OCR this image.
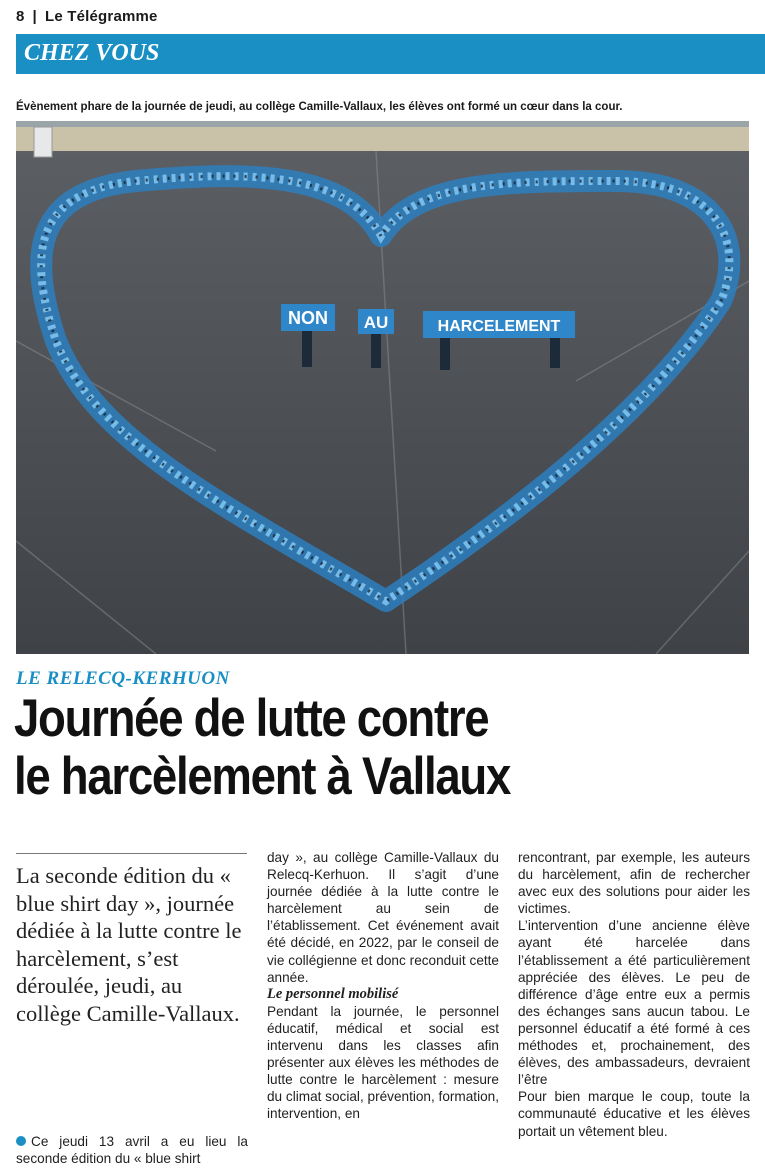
8 | Le Télégramme
CHEZ VOUS
Évènement phare de la journée de jeudi, au collège Camille-Vallaux, les élèves ont formé un cœur dans la cour.
NON AU	HARCELEMENT
LE RELECQ-KERHUON
Journée de lutte contre
le harcèlement à Vallaux
La seconde édition du « blue shirt day », journée dédiée à la lutte contre le harcèlement, s’est déroulée, jeudi, au collège Camille-Vallaux.

Ce jeudi 13 avril a eu lieu la seconde édition du « blue shirt

day », au collège Camille-Vallaux du Relecq-Kerhuon. Il s’agit d’une journée dédiée à la lutte contre le harcèlement au sein de l’établissement. Cet événement avait été décidé, en 2022, par le conseil de vie collégienne et donc reconduit cette année.

Le personnel mobilisé

Pendant la journée, le personnel éducatif, médical et social est intervenu dans les classes afin présenter aux élèves les méthodes de lutte contre le harcèlement : mesure du climat social, prévention, formation, intervention, en

rencontrant, par exemple, les auteurs du harcèlement, afin de rechercher avec eux des solutions pour aider les victimes.

L’intervention d’une ancienne élève ayant été harcelée dans l’établissement a été particulièrement appréciée des élèves. Le peu de différence d’âge entre eux a permis des échanges sans aucun tabou. Le personnel éducatif a été formé à ces méthodes et, prochainement, des élèves, des ambassadeurs, devraient l’être

Pour bien marque le coup, toute la communauté éducative et les élèves portait un vêtement bleu.
